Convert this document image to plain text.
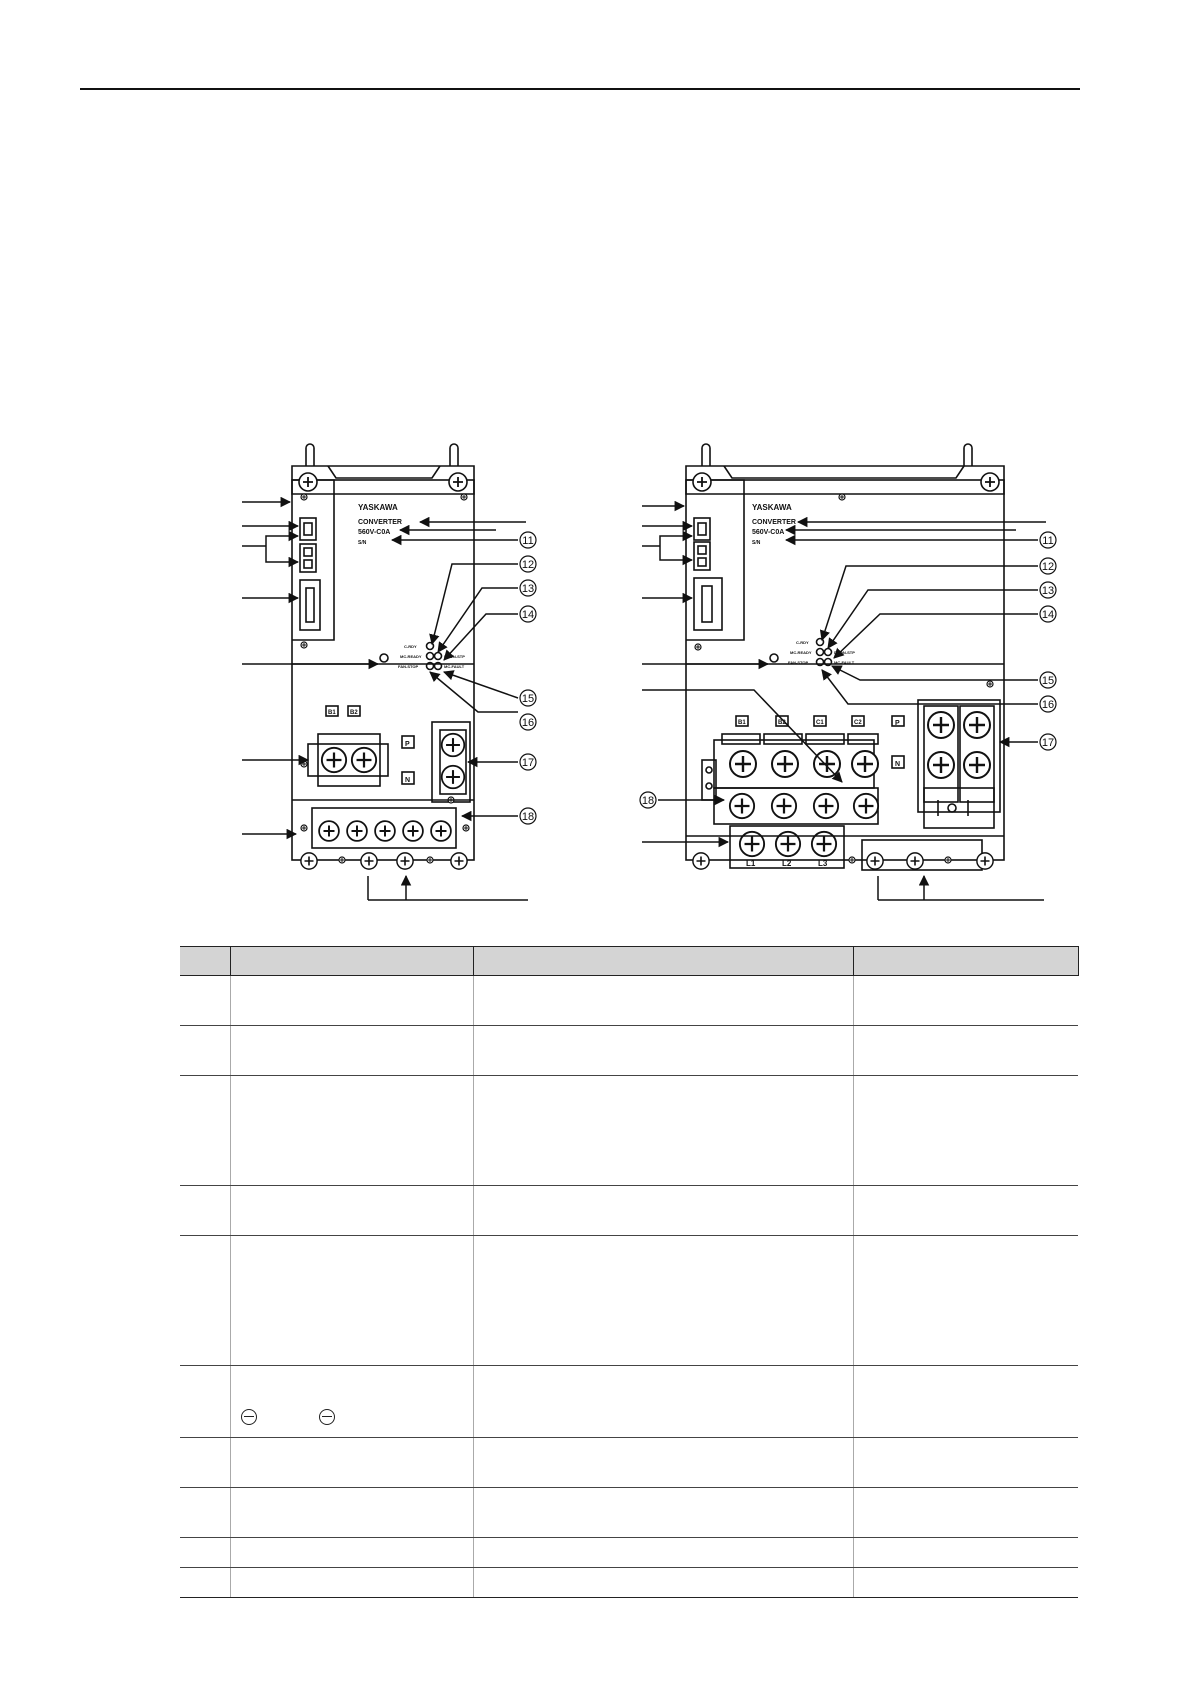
YASKAWA
CONVERTER
560V-C0A
S/N
C-RDY
MC-READY	DBON-STP
FAN-STOP	MC-FAULT
B1 B2
P
N
11
12
13
14
15
16
17
18
YASKAWA
CONVERTER
560V-C0A
S/N
C-RDY
MC-READY	DBON-STP
FAN-STOP	MC-FAULT
B1	B2	C1	C2	P
N
L1	L2	L3
11
12
13
14
15
16
17
18
